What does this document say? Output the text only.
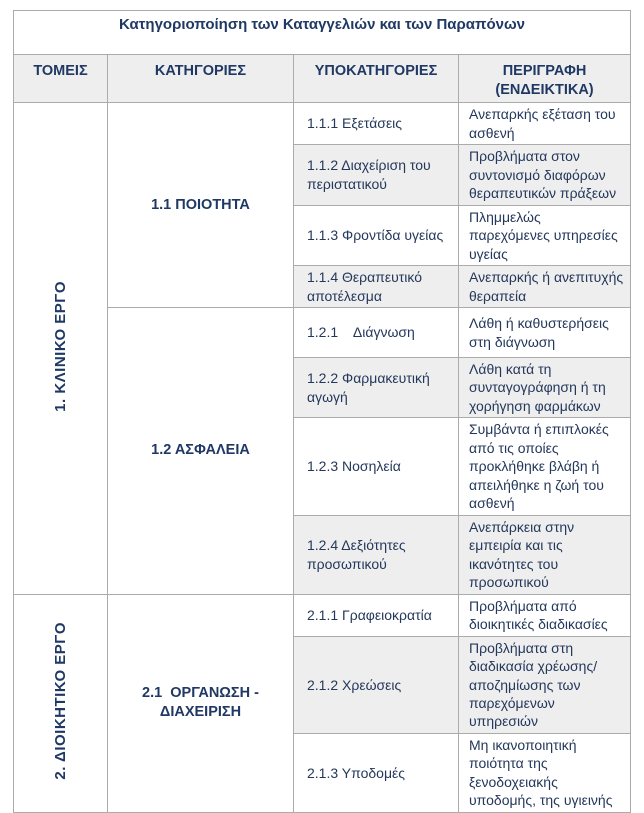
Κατηγοριοποίηση των Καταγγελιών και των Παραπόνων			
ΤΟΜΕΙΣ	ΚΑΤΗΓΟΡΙΕΣ	ΥΠΟΚΑΤΗΓΟΡΙΕΣ	ΠΕΡΙΓΡΑΦΗ (ΕΝΔΕΙΚΤΙΚΑ)
1. ΚΛΙΝΙΚΟ ΕΡΓΟ	1.1 ΠΟΙΟΤΗΤΑ	1.1.1 Εξετάσεις	Ανεπαρκής εξέταση του ασθενή
		1.1.2 Διαχείριση του περιστατικού	Προβλήματα στον συντονισμό διαφόρων θεραπευτικών πράξεων
		1.1.3 Φροντίδα υγείας	Πλημμελώς παρεχόμενες υπηρεσίες υγείας
		1.1.4 Θεραπευτικό αποτέλεσμα	Ανεπαρκής ή ανεπιτυχής θεραπεία
	1.2 ΑΣΦΑΛΕΙΑ	1.2.1    Διάγνωση	Λάθη ή καθυστερήσεις στη διάγνωση
		1.2.2 Φαρμακευτική αγωγή	Λάθη κατά τη συνταγογράφηση ή τη χορήγηση φαρμάκων
		1.2.3 Νοσηλεία	Συμβάντα ή επιπλοκές από τις οποίες προκλήθηκε βλάβη ή απειλήθηκε η ζωή του ασθενή
		1.2.4 Δεξιότητες προσωπικού	Ανεπάρκεια στην εμπειρία και τις ικανότητες του προσωπικού
2. ΔΙΟΙΚΗΤΙΚΟ ΕΡΓΟ	2.1  ΟΡΓΑΝΩΣΗ - ΔΙΑΧΕΙΡΙΣΗ	2.1.1 Γραφειοκρατία	Προβλήματα από διοικητικές διαδικασίες
		2.1.2 Χρεώσεις	Προβλήματα στη διαδικασία χρέωσης/αποζημίωσης των παρεχόμενων υπηρεσιών
		2.1.3 Υποδομές	Μη ικανοποιητική ποιότητα της ξενοδοχειακής υποδομής, της υγιεινής
